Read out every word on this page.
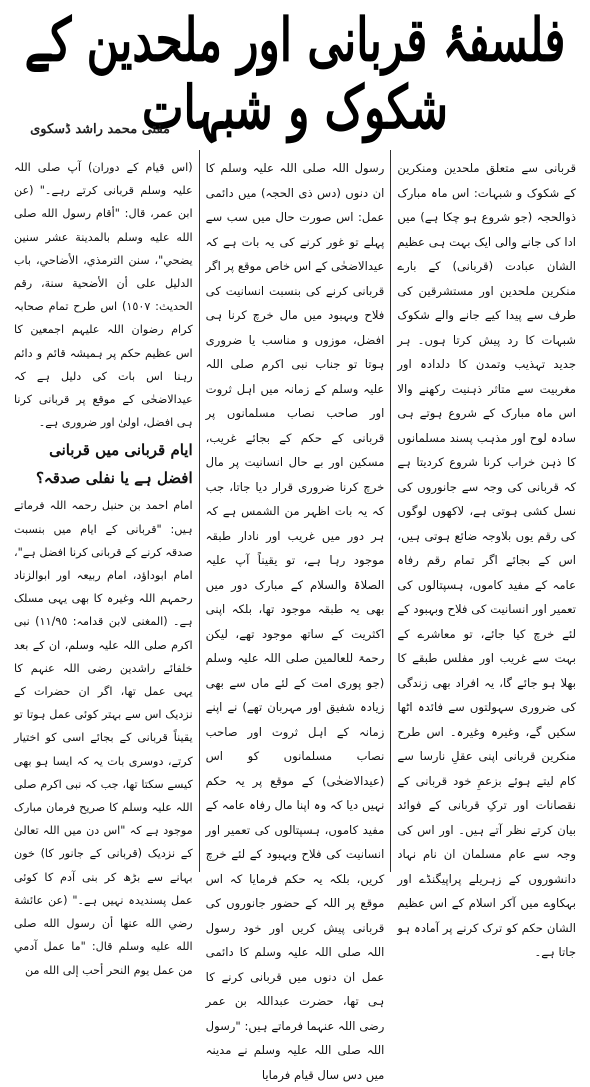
فلسفۂ قربانی اور ملحدین کے شکوک و شبہات
مفتی محمد راشد ڈسکوی

قربانی سے متعلق ملحدین ومنکرین کے شکوک و شبہات: اس ماہ مبارک ذوالحجہ (جو شروع ہو چکا ہے) میں ادا کی جانے والی ایک بہت ہی عظیم الشان عبادت (قربانی) کے بارے منکرین ملحدین اور مستشرقین کی طرف سے پیدا کیے جانے والے شکوک شبہات کا رد پیش کرتا ہوں۔ ہر جدید تہذیب وتمدن کا دلدادہ اور مغربیت سے متاثر ذہنیت رکھنے والا اس ماہ مبارک کے شروع ہوتے ہی سادہ لوح اور مذہب پسند مسلمانوں کا ذہن خراب کرنا شروع کردیتا ہے کہ قربانی کی وجہ سے جانوروں کی نسل کشی ہوتی ہے، لاکھوں لوگوں کی رقم یوں بلاوجہ ضائع ہوتی ہیں، اس کے بجائے اگر تمام رقم رفاہ عامہ کے مفید کاموں، ہسپتالوں کی تعمیر اور انسانیت کی فلاح وبہبود کے لئے خرچ کیا جائے، تو معاشرے کے بہت سے غریب اور مفلس طبقے کا بھلا ہو جائے گا، یہ افراد بھی زندگی کی ضروری سہولتوں سے فائدہ اٹھا سکیں گے، وغیرہ وغیرہ۔ اس طرح منکرین قربانی اپنی عقلِ نارسا سے کام لیتے ہوئے بزعمِ خود قربانی کے نقصانات اور ترکِ قربانی کے فوائد بیان کرتے نظر آتے ہیں۔ اور اس کی وجہ سے عام مسلمان ان نام نہاد دانشوروں کے زہریلے پراپیگنڈے اور بہکاوے میں آکر اسلام کے اس عظیم الشان حکم کو ترک کرنے پر آمادہ ہو جاتا ہے۔

رسول اللہ صلی اللہ علیہ وسلم کا ان دنوں (دس ذی الحجہ) میں دائمی عمل: اس صورت حال میں سب سے پہلے تو غور کرنے کی یہ بات ہے کہ عیدالاضحٰی کے اس خاص موقع پر اگر قربانی کرنے کی بنسبت انسانیت کی فلاح وبہبود میں مال خرچ کرنا ہی افضل، موزوں و مناسب یا ضروری ہوتا تو جناب نبی اکرم صلی اللہ علیہ وسلم کے زمانہ میں اہل ثروت اور صاحب نصاب مسلمانوں پر قربانی کے حکم کے بجائے غریب، مسکین اور بے حال انسانیت پر مال خرچ کرنا ضروری قرار دیا جاتا، جب کہ یہ بات اظہر من الشمس ہے کہ ہر دور میں غریب اور نادار طبقہ موجود رہا ہے، تو یقیناً آپ علیہ الصلاۃ والسلام کے مبارک دور میں بھی یہ طبقہ موجود تھا، بلکہ اپنی اکثریت کے ساتھ موجود تھے، لیکن رحمۃ للعالمین صلی اللہ علیہ وسلم (جو پوری امت کے لئے ماں سے بھی زیادہ شفیق اور مہربان تھے) نے اپنے زمانہ کے اہل ثروت اور صاحب نصاب مسلمانوں کو اس (عیدالاضحٰی) کے موقع پر یہ حکم نہیں دیا کہ وہ اپنا مال رفاہ عامہ کے مفید کاموں، ہسپتالوں کی تعمیر اور انسانیت کی فلاح وبہبود کے لئے خرچ کریں، بلکہ یہ حکم فرمایا کہ اس موقع پر اللہ کے حضور جانوروں کی قربانی پیش کریں اور خود رسول اللہ صلی اللہ علیہ وسلم کا دائمی عمل ان دنوں میں قربانی کرنے کا ہی تھا، حضرت عبداللہ بن عمر رضی اللہ عنہما فرماتے ہیں: "رسول اللہ صلی اللہ علیہ وسلم نے مدینہ میں دس سال قیام فرمایا

(اس قیام کے دوران) آپ صلی اللہ علیہ وسلم قربانی کرتے رہے۔" (عن ابن عمر، قال: "أقام رسول الله صلى الله عليه وسلم بالمدينة عشر سنين يضحي"، سنن الترمذي، الأضاحي، باب الدليل على أن الأضحية سنة، رقم الحديث: ١٥٠٧) اس طرح تمام صحابہ کرام رضوان اللہ علیہم اجمعین کا اس عظیم حکم پر ہمیشہ قائم و دائم رہنا اس بات کی دلیل ہے کہ عیدالاضحٰی کے موقع پر قربانی کرنا ہی افضل، اولیٰ اور ضروری ہے۔

ایام قربانی میں قربانی افضل ہے یا نفلی صدقہ؟

امام احمد بن حنبل رحمہ اللہ فرماتے ہیں: "قربانی کے ایام میں بنسبت صدقہ کرنے کے قربانی کرنا افضل ہے"، امام ابوداؤد، امام ربیعہ اور ابوالزناد رحمہم اللہ وغیرہ کا بھی یہی مسلک ہے۔ (المغنی لابن قدامہ: ١١/٩٥) نبی اکرم صلی اللہ علیہ وسلم، ان کے بعد خلفائے راشدین رضی اللہ عنہم کا یہی عمل تھا، اگر ان حضرات کے نزدیک اس سے بہتر کوئی عمل ہوتا تو یقیناً قربانی کے بجائے اسی کو اختیار کرتے، دوسری بات یہ کہ ایسا ہو بھی کیسے سکتا تھا، جب کہ نبی اکرم صلی اللہ علیہ وسلم کا صریح فرمان مبارک موجود ہے کہ "اس دن میں اللہ تعالیٰ کے نزدیک (قربانی کے جانور کا) خون بہانے سے بڑھ کر بنی آدم کا کوئی عمل پسندیدہ نہیں ہے۔" (عن عائشة رضي الله عنها أن رسول الله صلى الله عليه وسلم قال: "ما عمل آدمي من عمل يوم النحر أحب إلى الله من
